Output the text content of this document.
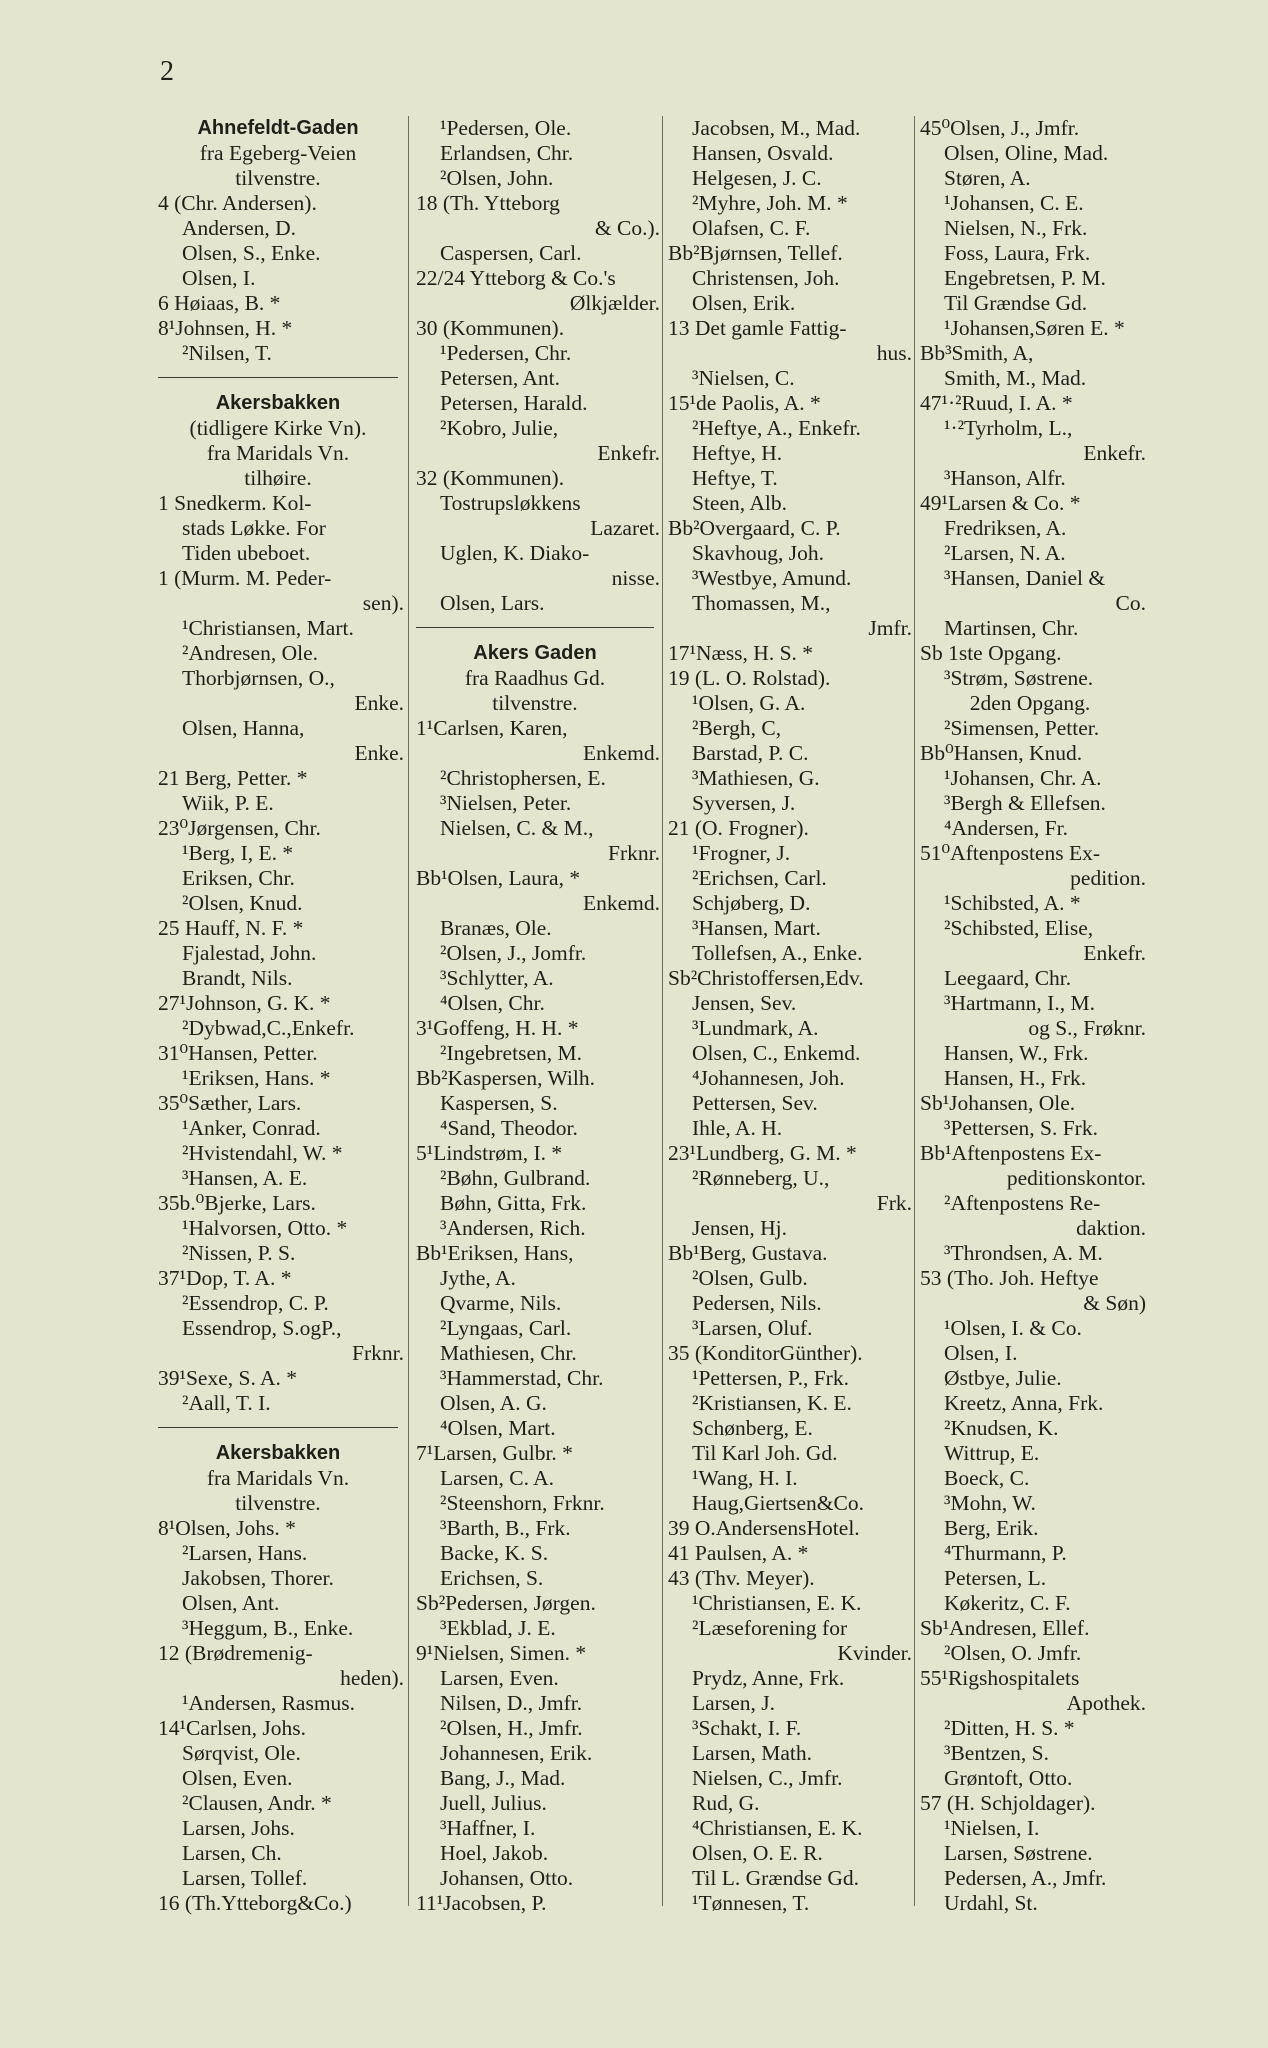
2
Ahnefeldt-Gaden
fra Egeberg-Veien
tilvenstre.
4 (Chr. Andersen).
Andersen, D.
Olsen, S., Enke.
Olsen, I.
6 Høiaas, B. *
8¹Johnsen, H. *
²Nilsen, T.
Akersbakken
(tidligere Kirke Vn).
fra Maridals Vn.
tilhøire.
1 Snedkerm. Kol-
stads Løkke. For
Tiden ubeboet.
1 (Murm. M. Peder-
sen).
¹Christiansen, Mart.
²Andresen, Ole.
Thorbjørnsen, O.,
Enke.
Olsen, Hanna,
Enke.
21 Berg, Petter. *
Wiik, P. E.
23⁰Jørgensen, Chr.
¹Berg, I, E. *
Eriksen, Chr.
²Olsen, Knud.
25 Hauff, N. F. *
Fjalestad, John.
Brandt, Nils.
27¹Johnson, G. K. *
²Dybwad,C.,Enkefr.
31⁰Hansen, Petter.
¹Eriksen, Hans. *
35⁰Sæther, Lars.
¹Anker, Conrad.
²Hvistendahl, W. *
³Hansen, A. E.
35b.⁰Bjerke, Lars.
¹Halvorsen, Otto. *
²Nissen, P. S.
37¹Dop, T. A. *
²Essendrop, C. P.
Essendrop, S.ogP.,
Frknr.
39¹Sexe, S. A. *
²Aall, T. I.
Akersbakken
fra Maridals Vn.
tilvenstre.
8¹Olsen, Johs. *
²Larsen, Hans.
Jakobsen, Thorer.
Olsen, Ant.
³Heggum, B., Enke.
12 (Brødremenig-
heden).
¹Andersen, Rasmus.
14¹Carlsen, Johs.
Sørqvist, Ole.
Olsen, Even.
²Clausen, Andr. *
Larsen, Johs.
Larsen, Ch.
Larsen, Tollef.
16 (Th.Ytteborg&Co.)
¹Pedersen, Ole.
Erlandsen, Chr.
²Olsen, John.
18 (Th. Ytteborg
& Co.).
Caspersen, Carl.
22/24 Ytteborg & Co.'s
Ølkjælder.
30 (Kommunen).
¹Pedersen, Chr.
Petersen, Ant.
Petersen, Harald.
²Kobro, Julie,
Enkefr.
32 (Kommunen).
Tostrupsløkkens
Lazaret.
Uglen, K. Diako-
nisse.
Olsen, Lars.
Akers Gaden
fra Raadhus Gd.
tilvenstre.
1¹Carlsen, Karen,
Enkemd.
²Christophersen, E.
³Nielsen, Peter.
Nielsen, C. & M.,
Frknr.
Bb¹Olsen, Laura, *
Enkemd.
Branæs, Ole.
²Olsen, J., Jomfr.
³Schlytter, A.
⁴Olsen, Chr.
3¹Goffeng, H. H. *
²Ingebretsen, M.
Bb²Kaspersen, Wilh.
Kaspersen, S.
⁴Sand, Theodor.
5¹Lindstrøm, I. *
²Bøhn, Gulbrand.
Bøhn, Gitta, Frk.
³Andersen, Rich.
Bb¹Eriksen, Hans,
Jythe, A.
Qvarme, Nils.
²Lyngaas, Carl.
Mathiesen, Chr.
³Hammerstad, Chr.
Olsen, A. G.
⁴Olsen, Mart.
7¹Larsen, Gulbr. *
Larsen, C. A.
²Steenshorn, Frknr.
³Barth, B., Frk.
Backe, K. S.
Erichsen, S.
Sb²Pedersen, Jørgen.
³Ekblad, J. E.
9¹Nielsen, Simen. *
Larsen, Even.
Nilsen, D., Jmfr.
²Olsen, H., Jmfr.
Johannesen, Erik.
Bang, J., Mad.
Juell, Julius.
³Haffner, I.
Hoel, Jakob.
Johansen, Otto.
11¹Jacobsen, P.
Jacobsen, M., Mad.
Hansen, Osvald.
Helgesen, J. C.
²Myhre, Joh. M. *
Olafsen, C. F.
Bb²Bjørnsen, Tellef.
Christensen, Joh.
Olsen, Erik.
13 Det gamle Fattig-
hus.
³Nielsen, C.
15¹de Paolis, A. *
²Heftye, A., Enkefr.
Heftye, H.
Heftye, T.
Steen, Alb.
Bb²Overgaard, C. P.
Skavhoug, Joh.
³Westbye, Amund.
Thomassen, M.,
Jmfr.
17¹Næss, H. S. *
19 (L. O. Rolstad).
¹Olsen, G. A.
²Bergh, C,
Barstad, P. C.
³Mathiesen, G.
Syversen, J.
21 (O. Frogner).
¹Frogner, J.
²Erichsen, Carl.
Schjøberg, D.
³Hansen, Mart.
Tollefsen, A., Enke.
Sb²Christoffersen,Edv.
Jensen, Sev.
³Lundmark, A.
Olsen, C., Enkemd.
⁴Johannesen, Joh.
Pettersen, Sev.
Ihle, A. H.
23¹Lundberg, G. M. *
²Rønneberg, U.,
Frk.
Jensen, Hj.
Bb¹Berg, Gustava.
²Olsen, Gulb.
Pedersen, Nils.
³Larsen, Oluf.
35 (KonditorGünther).
¹Pettersen, P., Frk.
²Kristiansen, K. E.
Schønberg, E.
Til Karl Joh. Gd.
¹Wang, H. I.
Haug,Giertsen&Co.
39 O.AndersensHotel.
41 Paulsen, A. *
43 (Thv. Meyer).
¹Christiansen, E. K.
²Læseforening for
Kvinder.
Prydz, Anne, Frk.
Larsen, J.
³Schakt, I. F.
Larsen, Math.
Nielsen, C., Jmfr.
Rud, G.
⁴Christiansen, E. K.
Olsen, O. E. R.
Til L. Grændse Gd.
¹Tønnesen, T.
45⁰Olsen, J., Jmfr.
Olsen, Oline, Mad.
Støren, A.
¹Johansen, C. E.
Nielsen, N., Frk.
Foss, Laura, Frk.
Engebretsen, P. M.
Til Grændse Gd.
¹Johansen,Søren E. *
Bb³Smith, A,
Smith, M., Mad.
47¹·²Ruud, I. A. *
¹·²Tyrholm, L.,
Enkefr.
³Hanson, Alfr.
49¹Larsen & Co. *
Fredriksen, A.
²Larsen, N. A.
³Hansen, Daniel &
Co.
Martinsen, Chr.
Sb 1ste Opgang.
³Strøm, Søstrene.
2den Opgang.
²Simensen, Petter.
Bb⁰Hansen, Knud.
¹Johansen, Chr. A.
³Bergh & Ellefsen.
⁴Andersen, Fr.
51⁰Aftenpostens Ex-
pedition.
¹Schibsted, A. *
²Schibsted, Elise,
Enkefr.
Leegaard, Chr.
³Hartmann, I., M.
og S., Frøknr.
Hansen, W., Frk.
Hansen, H., Frk.
Sb¹Johansen, Ole.
³Pettersen, S. Frk.
Bb¹Aftenpostens Ex-
peditionskontor.
²Aftenpostens Re-
daktion.
³Throndsen, A. M.
53 (Tho. Joh. Heftye
& Søn)
¹Olsen, I. & Co.
Olsen, I.
Østbye, Julie.
Kreetz, Anna, Frk.
²Knudsen, K.
Wittrup, E.
Boeck, C.
³Mohn, W.
Berg, Erik.
⁴Thurmann, P.
Petersen, L.
Køkeritz, C. F.
Sb¹Andresen, Ellef.
²Olsen, O. Jmfr.
55¹Rigshospitalets
Apothek.
²Ditten, H. S. *
³Bentzen, S.
Grøntoft, Otto.
57 (H. Schjoldager).
¹Nielsen, I.
Larsen, Søstrene.
Pedersen, A., Jmfr.
Urdahl, St.
